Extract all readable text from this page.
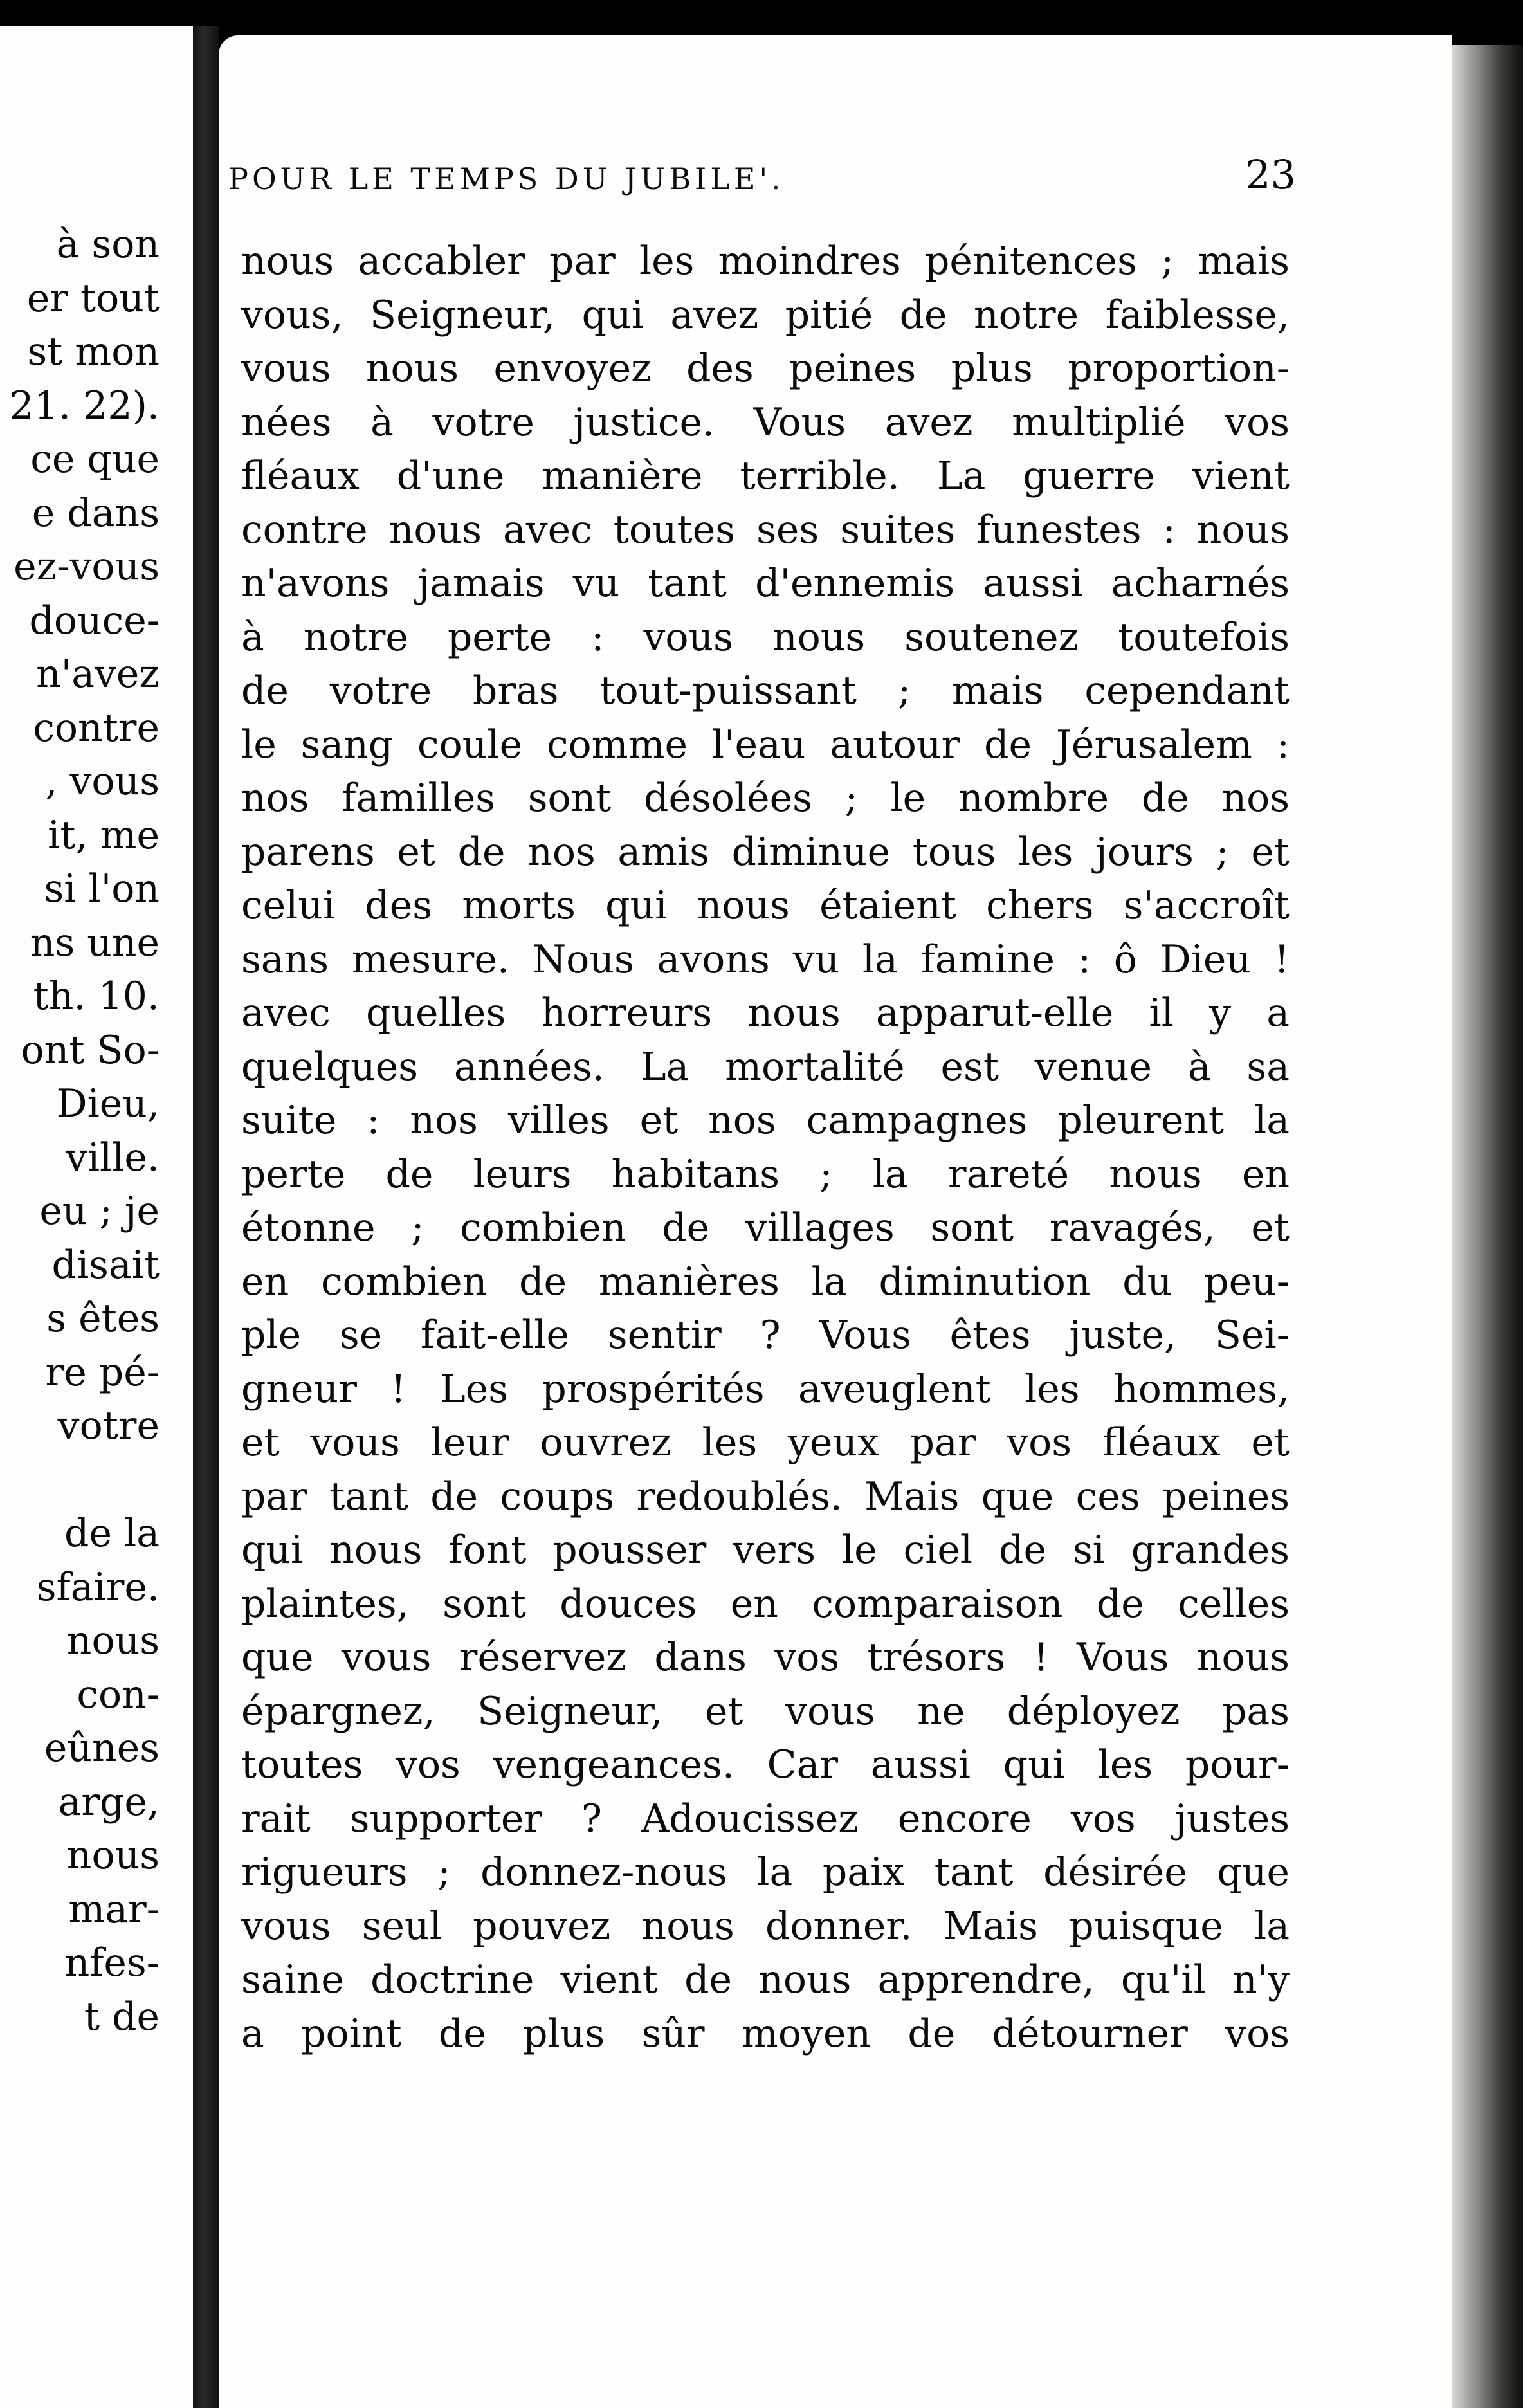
à son
er tout
st mon
21. 22).
ce que
e dans
ez-vous
douce-
n'avez
contre
, vous
it, me
si l'on
ns une
th. 10.
ont So-
Dieu,
ville.
eu ; je
disait
s êtes
re pé-
votre
de la
sfaire.
nous
con-
eûnes
arge,
nous
mar-
nfes-
t de
POUR LE TEMPS DU JUBILE'.	23
nous accabler par les moindres pénitences ; mais
vous, Seigneur, qui avez pitié de notre faiblesse,
vous nous envoyez des peines plus proportion-
nées à votre justice. Vous avez multiplié vos
fléaux d'une manière terrible. La guerre vient
contre nous avec toutes ses suites funestes : nous
n'avons jamais vu tant d'ennemis aussi acharnés
à notre perte : vous nous soutenez toutefois
de votre bras tout-puissant ; mais cependant
le sang coule comme l'eau autour de Jérusalem :
nos familles sont désolées ; le nombre de nos
parens et de nos amis diminue tous les jours ; et
celui des morts qui nous étaient chers s'accroît
sans mesure. Nous avons vu la famine : ô Dieu !
avec quelles horreurs nous apparut-elle il y a
quelques années. La mortalité est venue à sa
suite : nos villes et nos campagnes pleurent la
perte de leurs habitans ; la rareté nous en
étonne ; combien de villages sont ravagés, et
en combien de manières la diminution du peu-
ple se fait-elle sentir ? Vous êtes juste, Sei-
gneur ! Les prospérités aveuglent les hommes,
et vous leur ouvrez les yeux par vos fléaux et
par tant de coups redoublés. Mais que ces peines
qui nous font pousser vers le ciel de si grandes
plaintes, sont douces en comparaison de celles
que vous réservez dans vos trésors ! Vous nous
épargnez, Seigneur, et vous ne déployez pas
toutes vos vengeances. Car aussi qui les pour-
rait supporter ? Adoucissez encore vos justes
rigueurs ; donnez-nous la paix tant désirée que
vous seul pouvez nous donner. Mais puisque la
saine doctrine vient de nous apprendre, qu'il n'y
a point de plus sûr moyen de détourner vos
